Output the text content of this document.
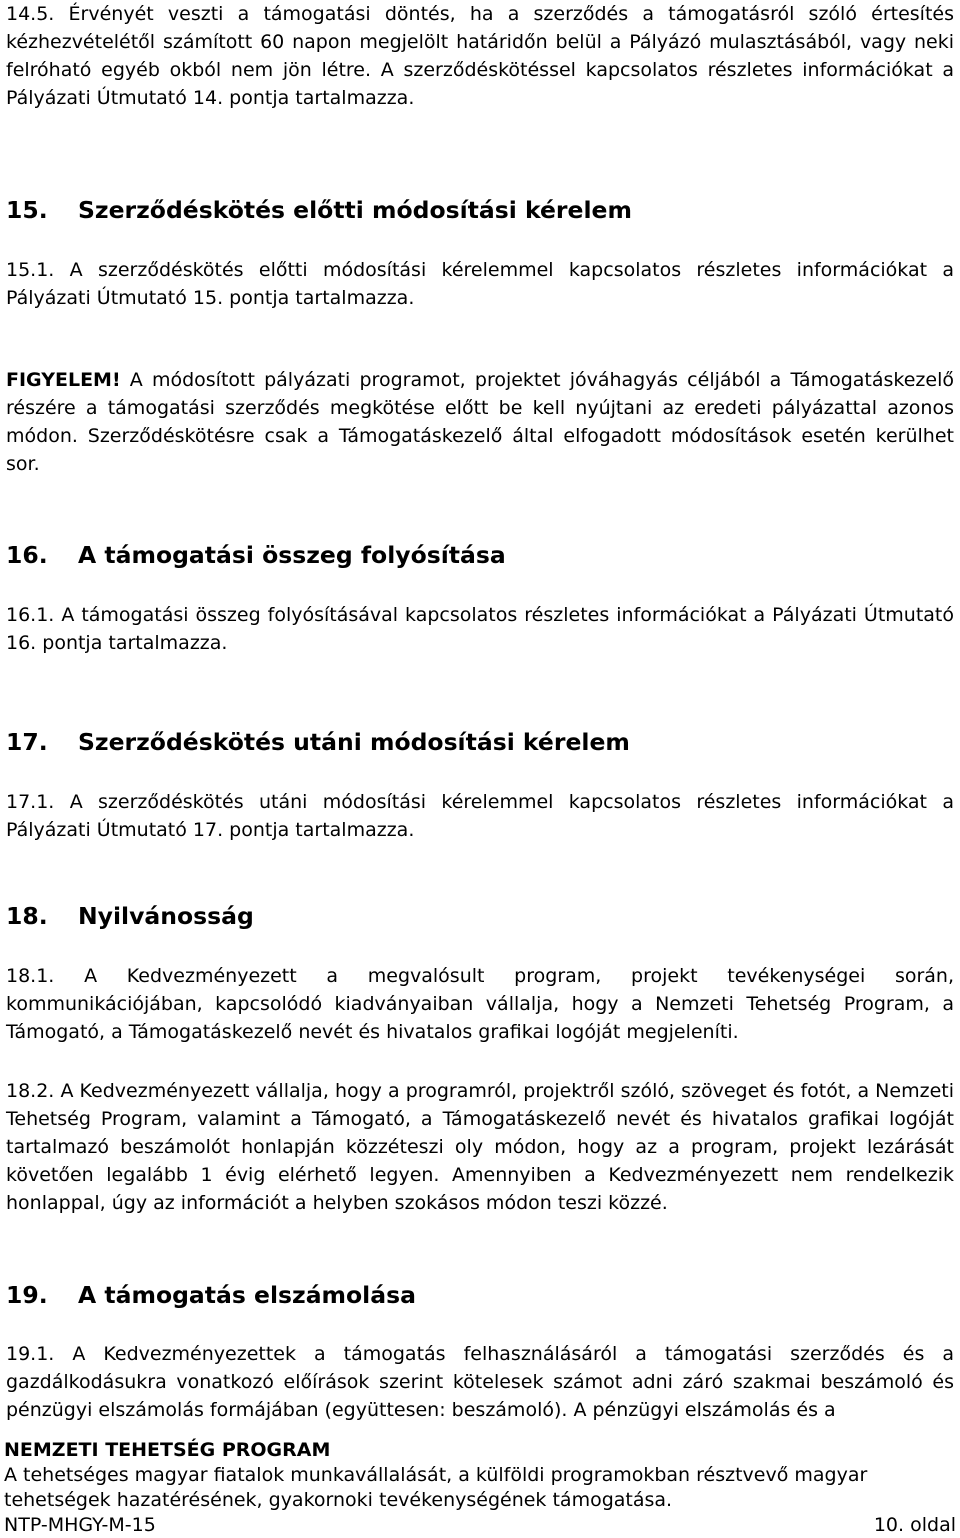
14.5. Érvényét veszti a támogatási döntés, ha a szerződés a támogatásról szóló értesítés kézhezvételétől számított 60 napon megjelölt határidőn belül a Pályázó mulasztásából, vagy neki felróható egyéb okból nem jön létre. A szerződéskötéssel kapcsolatos részletes információkat a Pályázati Útmutató 14. pontja tartalmazza.

15. Szerződéskötés előtti módosítási kérelem

15.1. A szerződéskötés előtti módosítási kérelemmel kapcsolatos részletes információkat a Pályázati Útmutató 15. pontja tartalmazza.

FIGYELEM! A módosított pályázati programot, projektet jóváhagyás céljából a Támogatáskezelő részére a támogatási szerződés megkötése előtt be kell nyújtani az eredeti pályázattal azonos módon. Szerződéskötésre csak a Támogatáskezelő által elfogadott módosítások esetén kerülhet sor.

16. A támogatási összeg folyósítása

16.1. A támogatási összeg folyósításával kapcsolatos részletes információkat a Pályázati Útmutató 16. pontja tartalmazza.

17. Szerződéskötés utáni módosítási kérelem

17.1. A szerződéskötés utáni módosítási kérelemmel kapcsolatos részletes információkat a Pályázati Útmutató 17. pontja tartalmazza.

18. Nyilvánosság

18.1. A Kedvezményezett a megvalósult program, projekt tevékenységei során, kommunikációjában, kapcsolódó kiadványaiban vállalja, hogy a Nemzeti Tehetség Program, a Támogató, a Támogatáskezelő nevét és hivatalos grafikai logóját megjeleníti.

18.2. A Kedvezményezett vállalja, hogy a programról, projektről szóló, szöveget és fotót, a Nemzeti Tehetség Program, valamint a Támogató, a Támogatáskezelő nevét és hivatalos grafikai logóját tartalmazó beszámolót honlapján közzéteszi oly módon, hogy az a program, projekt lezárását követően legalább 1 évig elérhető legyen. Amennyiben a Kedvezményezett nem rendelkezik honlappal, úgy az információt a helyben szokásos módon teszi közzé.

19. A támogatás elszámolása

19.1. A Kedvezményezettek a támogatás felhasználásáról a támogatási szerződés és a gazdálkodásukra vonatkozó előírások szerint kötelesek számot adni záró szakmai beszámoló és pénzügyi elszámolás formájában (együttesen: beszámoló). A pénzügyi elszámolás és a

NEMZETI TEHETSÉG PROGRAM
A tehetséges magyar fiatalok munkavállalását, a külföldi programokban résztvevő magyar tehetségek hazatérésének, gyakornoki tevékenységének támogatása.
NTP-MHGY-M-15	10. oldal
